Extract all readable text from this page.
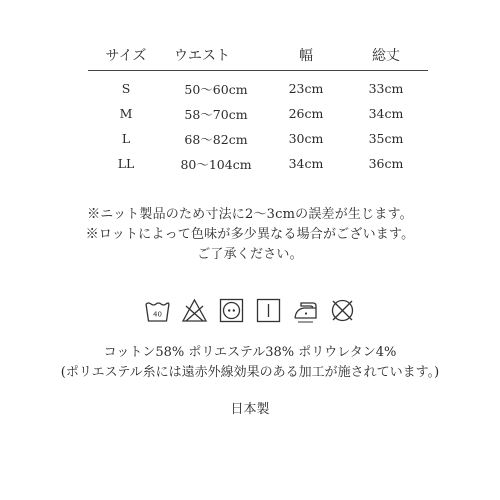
サイズ	ウエスト	幅	総丈
S	50〜60cm	23cm	33cm
M	58〜70cm	26cm	34cm
L	68〜82cm	30cm	35cm
LL	80〜104cm	34cm	36cm
※ニット製品のため寸法に2〜3cmの誤差が生じます。
※ロットによって色味が多少異なる場合がございます。
ご了承ください。
40
コットン58% ポリエステル38% ポリウレタン4%
(ポリエステル糸には遠赤外線効果のある加工が施されています。)
日本製
